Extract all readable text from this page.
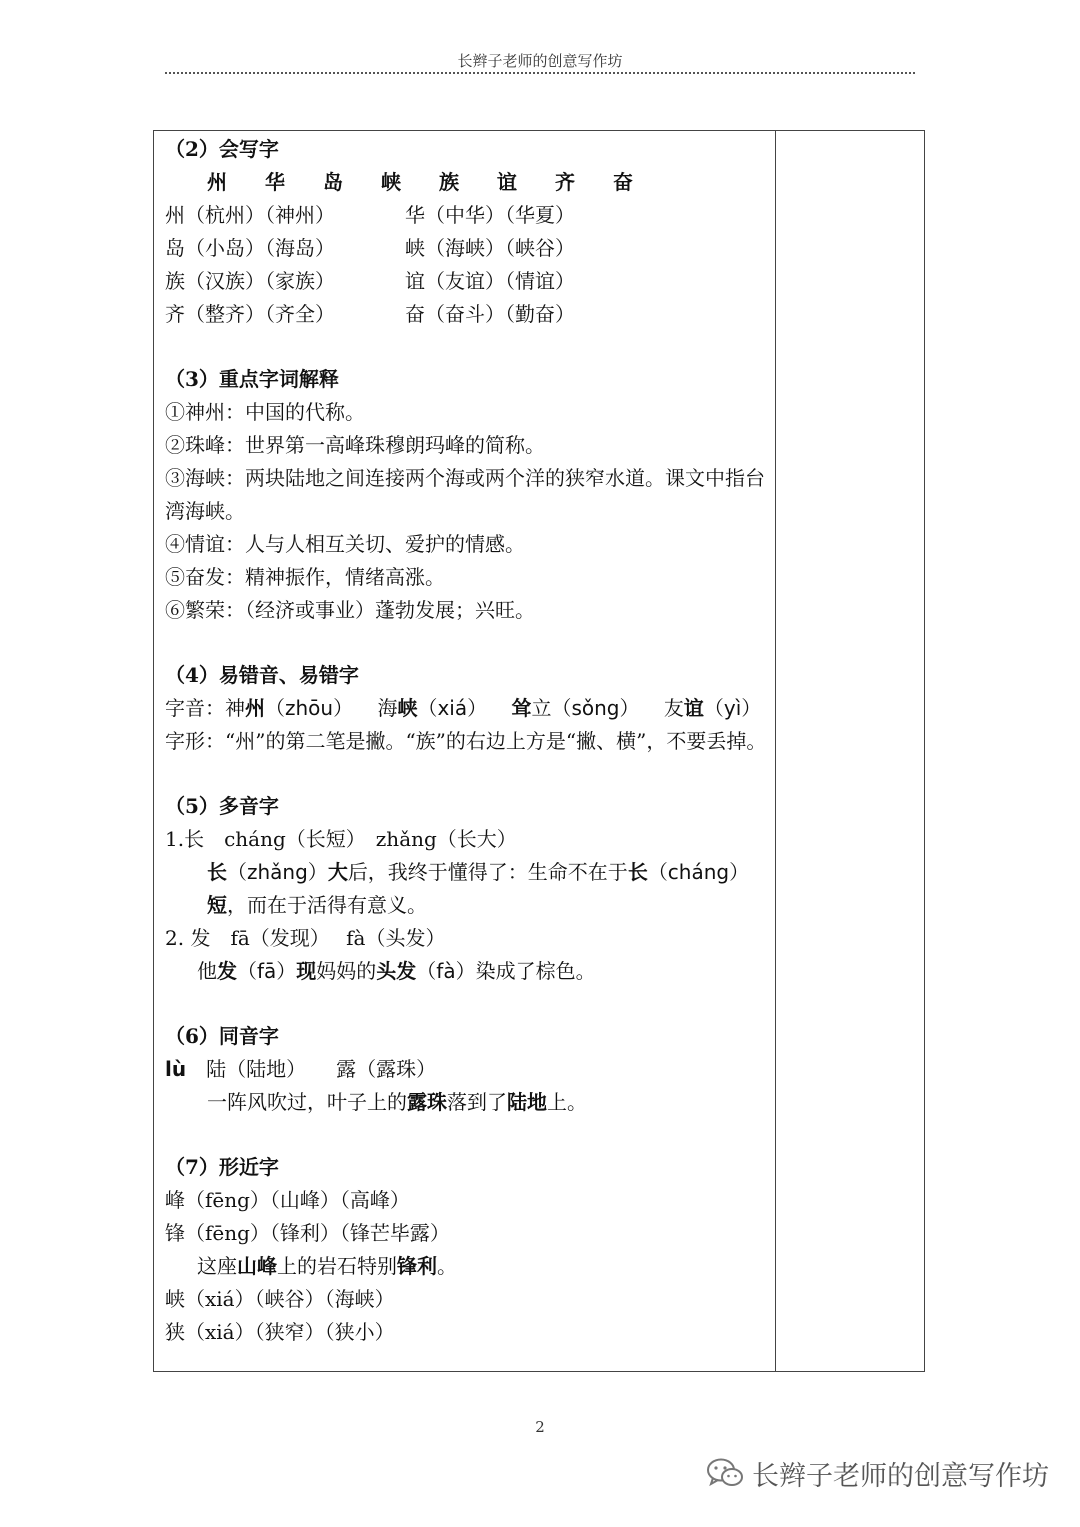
长辫子老师的创意写作坊
（2）会写字
州 华 岛 峡 族 谊 齐 奋
州（杭州）（神州）	华（中华）（华夏）
岛（小岛）（海岛）	峡（海峡）（峡谷）
族（汉族）（家族）	谊（友谊）（情谊）
齐（整齐）（齐全）	奋（奋斗）（勤奋）
（3）重点字词解释
①神州：中国的代称。
②珠峰：世界第一高峰珠穆朗玛峰的简称。
③海峡：两块陆地之间连接两个海或两个洋的狭窄水道。课文中指台湾海峡。
④情谊：人与人相互关切、爱护的情感。
⑤奋发：精神振作，情绪高涨。
⑥繁荣：（经济或事业）蓬勃发展；兴旺。
（4）易错音、易错字
字音：神州（zhōu） 海峡（xiá） 耸立（sǒng） 友谊（yì）
字形：“州”的第二笔是撇。“族”的右边上方是“撇、横”，不要丢掉。
（5）多音字
1.长　cháng（长短）　zhǎng（长大）
长（zhǎng）大后，我终于懂得了：生命不在于长（cháng）短，而在于活得有意义。
2. 发　fā（发现）　 fà（头发）
他发（fā）现妈妈的头发（fà）染成了棕色。
（6）同音字
lù 陆（陆地）　　露（露珠）
一阵风吹过，叶子上的露珠落到了陆地上。
（7）形近字
峰（fēng）（山峰）（高峰）
锋（fēng）（锋利）（锋芒毕露）
这座山峰上的岩石特别锋利。
峡（xiá）（峡谷）（海峡）
狭（xiá）（狭窄）（狭小）
2
长辫子老师的创意写作坊
